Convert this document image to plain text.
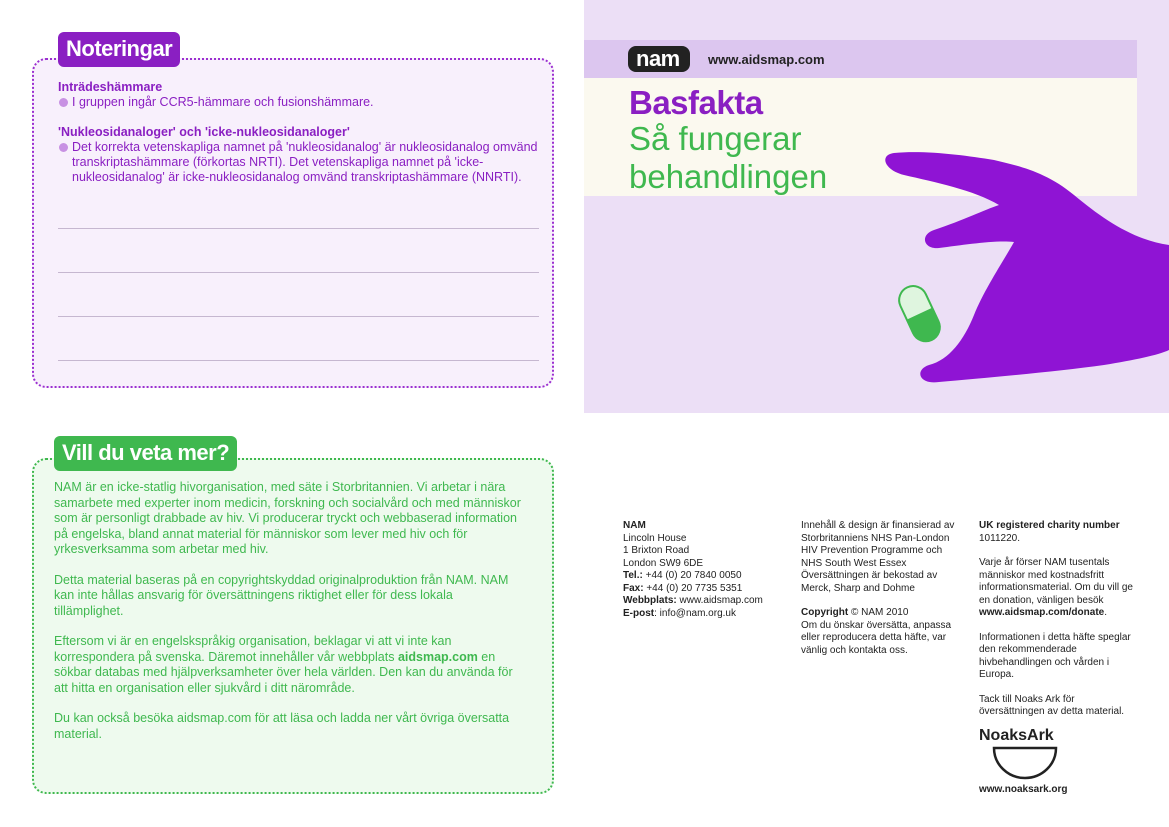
Noteringar
Inträdeshämmare
I gruppen ingår CCR5-hämmare och fusionshämmare.
'Nukleosidanaloger' och 'icke-nukleosidanaloger'
Det korrekta vetenskapliga namnet på 'nukleosidanalog' är nukleosidanalog omvänd transkriptashämmare (förkortas NRTI). Det vetenskapliga namnet på 'icke-nukleosidanalog' är icke-nukleosidanalog omvänd transkriptashämmare (NNRTI).
nam	www.aidsmap.com
Basfakta
Så fungerar behandlingen
Vill du veta mer?

NAM är en icke-statlig hivorganisation, med säte i Storbritannien. Vi arbetar i nära samarbete med experter inom medicin, forskning och socialvård och med människor som är personligt drabbade av hiv. Vi producerar tryckt och webbaserad information på engelska, bland annat material för människor som lever med hiv och för yrkesverksamma som arbetar med hiv.

Detta material baseras på en copyrightskyddad originalproduktion från NAM. NAM kan inte hållas ansvarig för översättningens riktighet eller för dess lokala tillämplighet.

Eftersom vi är en engelskspråkig organisation, beklagar vi att vi inte kan korrespondera på svenska. Däremot innehåller vår webbplats aidsmap.com en sökbar databas med hjälpverksamheter över hela världen. Den kan du använda för att hitta en organisation eller sjukvård i ditt närområde.

Du kan också besöka aidsmap.com för att läsa och ladda ner vårt övriga översatta material.

NAM
Lincoln House
1 Brixton Road
London SW9 6DE
Tel.: +44 (0) 20 7840 0050
Fax: +44 (0) 20 7735 5351
Webbplats: www.aidsmap.com
E-post: info@nam.org.uk

Innehåll & design är finansierad av Storbritanniens NHS Pan-London HIV Prevention Programme och NHS South West Essex Översättningen är bekostad av Merck, Sharp and Dohme

Copyright © NAM 2010
Om du önskar översätta, anpassa eller reproducera detta häfte, var vänlig och kontakta oss.
UK registered charity number

1011220.

Varje år förser NAM tusentals människor med kostnadsfritt informationsmaterial. Om du vill ge en donation, vänligen besök www.aidsmap.com/donate.

Informationen i detta häfte speglar den rekommenderade hivbehandlingen och vården i Europa.

Tack till Noaks Ark för översättningen av detta material.

NoaksArk
www.noaksark.org
